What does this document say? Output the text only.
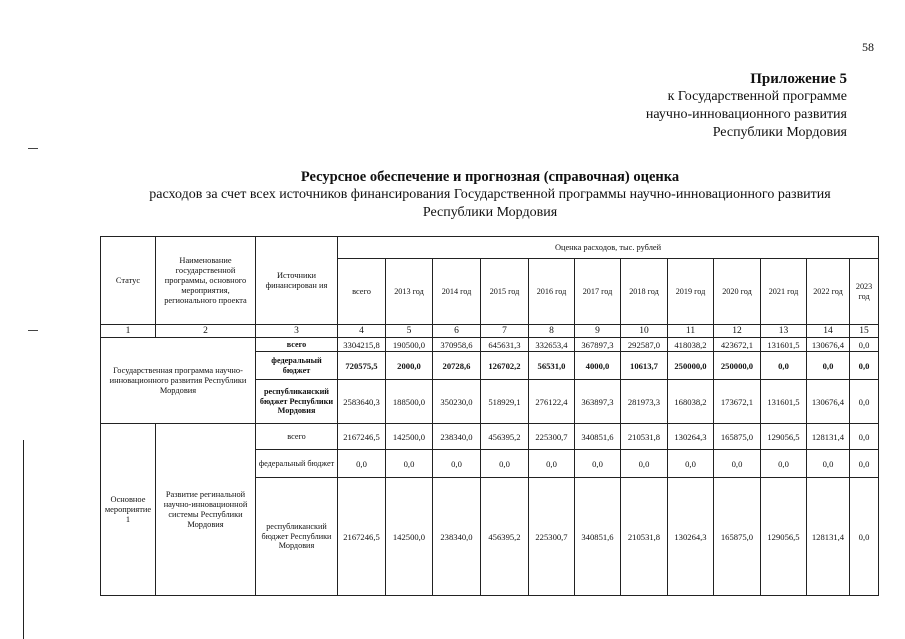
58
Приложение 5
к Государственной программе
научно-инновационного развития
Республики Мордовия
Ресурсное обеспечение и прогнозная (справочная) оценка
расходов за счет всех источников финансирования Государственной программы научно-инновационного развития
Республики Мордовия
Статус	Наименование государственной программы, основного мероприятия, регионального проекта	Источники финансирован ия	Оценка расходов, тыс. рублей											
			всего	2013 год	2014 год	2015 год	2016 год	2017 год	2018 год	2019 год	2020 год	2021 год	2022 год	2023 год
1	2	3	4	5	6	7	8	9	10	11	12	13	14	15
Государственная программа научно-инновационного развития Республики Мордовия		всего	3304215,8	190500,0	370958,6	645631,3	332653,4	367897,3	292587,0	418038,2	423672,1	131601,5	130676,4	0,0
		федеральный бюджет	720575,5	2000,0	20728,6	126702,2	56531,0	4000,0	10613,7	250000,0	250000,0	0,0	0,0	0,0
		республиканский бюджет Республики Мордовия	2583640,3	188500,0	350230,0	518929,1	276122,4	363897,3	281973,3	168038,2	173672,1	131601,5	130676,4	0,0
Основное мероприятие 1	Развитие регинальной научно-инновационной системы Республики Мордовия	всего	2167246,5	142500,0	238340,0	456395,2	225300,7	340851,6	210531,8	130264,3	165875,0	129056,5	128131,4	0,0
		федеральный бюджет	0,0	0,0	0,0	0,0	0,0	0,0	0,0	0,0	0,0	0,0	0,0	0,0
		республиканский бюджет Республики Мордовия	2167246,5	142500,0	238340,0	456395,2	225300,7	340851,6	210531,8	130264,3	165875,0	129056,5	128131,4	0,0
